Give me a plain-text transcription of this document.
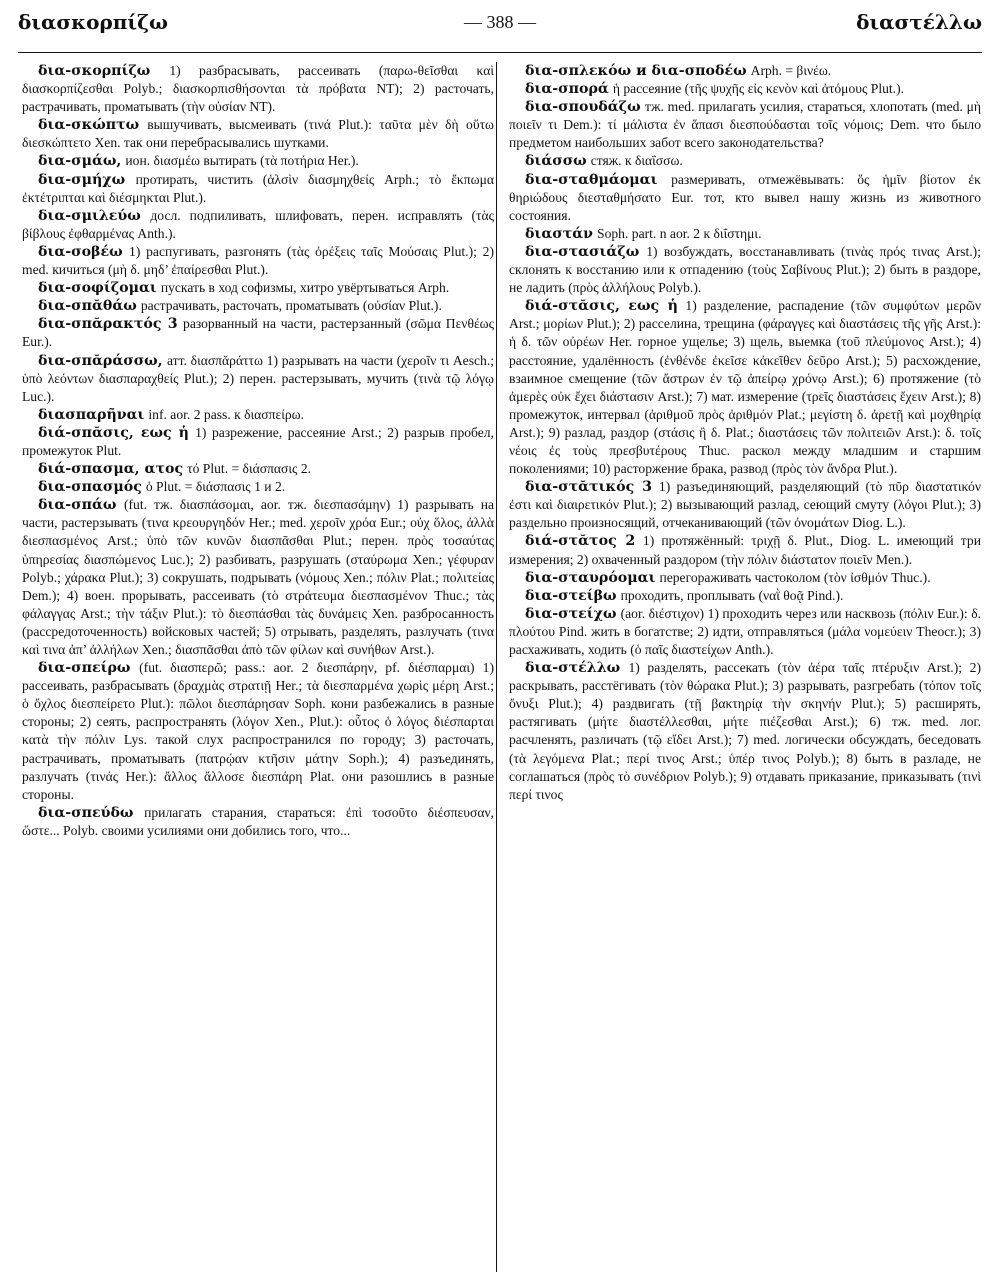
διασκορπίζω	— 388 —	διαστέλλω

δια-σκορπίζω 1) разбрасывать, рассеивать (παρω-θεῖσθαι καὶ διασκορπίζεσθαι Polyb.; διασκορπισθήσονται τὰ πρόβατα NT); 2) расточать, растрачивать, проматывать (τὴν οὐσίαν NT).

δια-σκώπτω вышучивать, высмеивать (τινά Plut.): ταῦτα μὲν δὴ οὕτω διεσκώπτετο Xen. так они перебрасывались шутками.

δια-σμάω, ион. διασμέω вытирать (τὰ ποτήρια Her.).

δια-σμήχω протирать, чистить (ἁλσὶν διασμηχθείς Arph.; τὸ ἔκπωμα ἐκτέτριπται καὶ διέσμηκται Plut.).

δια-σμιλεύω досл. подпиливать, шлифовать, перен. исправлять (τὰς βίβλους ἐφθαρμένας Anth.).

δια-σοβέω 1) распугивать, разгонять (τὰς ὀρέξεις ταῖς Μούσαις Plut.); 2) med. кичиться (μὴ δ. μηδ’ ἐπαίρεσθαι Plut.).

δια-σοφίζομαι пускать в ход софизмы, хитро увёртываться Arph.

δια-σπᾰθάω растрачивать, расточать, проматывать (οὐσίαν Plut.).

δια-σπᾰρακτός 3 разорванный на части, растерзанный (σῶμα Πενθέως Eur.).

δια-σπᾰράσσω, атт. διασπᾰράττω 1) разрывать на части (χεροῖν τι Aesch.; ὑπὸ λεόντων διασπαραχθείς Plut.); 2) перен. растерзывать, мучить (τινὰ τῷ λόγῳ Luc.).

διασπαρῆναι inf. aor. 2 pass. к διασπείρω.

διά-σπᾰσις, εως ἡ 1) разрежение, рассеяние Arst.; 2) разрыв пробел, промежуток Plut.

διά-σπασμα, ατος τό Plut. = διάσπασις 2.

δια-σπασμός ὁ Plut. = διάσπασις 1 и 2.

δια-σπάω (fut. тж. διασπάσομαι, aor. тж. διεσπασάμην) 1) разрывать на части, растерзывать (τινα κρεουργηδόν Her.; med. χεροῖν χρόα Eur.; οὐχ ὅλος, ἀλλὰ διεσπασμένος Arst.; ὑπὸ τῶν κυνῶν διασπᾶσθαι Plut.; перен. πρὸς τοσαύτας ὑπηρεσίας διασπώμενος Luc.); 2) разбивать, разрушать (σταύρωμα Xen.; γέφυραν Polyb.; χάρακα Plut.); 3) сокрушать, подрывать (νόμους Xen.; πόλιν Plat.; πολιτείας Dem.); 4) воен. прорывать, рассеивать (τὸ στράτευμα διεσπασμένον Thuc.; τὰς φάλαγγας Arst.; τὴν τάξιν Plut.): τὸ διεσπάσθαι τὰς δυνάμεις Xen. разбросанность (рассредоточенность) войсковых частей; 5) отрывать, разделять, разлучать (τινα καὶ τινα ἀπ’ ἀλλήλων Xen.; διασπᾶσθαι ἀπὸ τῶν φίλων καὶ συνήθων Arst.).

δια-σπείρω (fut. διασπερῶ; pass.: aor. 2 διεσπάρην, pf. διέσπαρμαι) 1) рассеивать, разбрасывать (δραχμὰς στρατιῇ Her.; τὰ διεσπαρμένα χωρὶς μέρη Arst.; ὁ ὄχλος διεσπείρετο Plut.): πῶλοι διεσπάρησαν Soph. кони разбежались в разные стороны; 2) сеять, распространять (λόγον Xen., Plut.): οὗτος ὁ λόγος διέσπαρται κατὰ τὴν πόλιν Lys. такой слух распространился по городу; 3) расточать, растрачивать, проматывать (πατρῴαν κτῆσιν μάτην Soph.); 4) разъединять, разлучать (τινάς Her.): ἄλλος ἄλλοσε διεσπάρη Plat. они разошлись в разные стороны.

δια-σπεύδω прилагать старания, стараться: ἐπὶ τοσοῦτο διέσπευσαν, ὥστε... Polyb. своими усилиями они добились того, что...

δια-σπλεκόω и δια-σποδέω Arph. = βινέω.

δια-σπορά ἡ рассеяние (τῆς ψυχῆς εἰς κενὸν καὶ ἀτόμους Plut.).

δια-σπουδάζω тж. med. прилагать усилия, стараться, хлопотать (med. μὴ ποιεῖν τι Dem.): τί μάλιστα ἐν ἅπασι διεσπούδασται τοῖς νόμοις; Dem. что было предметом наибольших забот всего законодательства?

διάσσω стяж. к διαΐσσω.

δια-σταθμάομαι размеривать, отмежёвывать: ὅς ἡμῖν βίοτον ἐκ θηριώδους διεσταθμήσατο Eur. тот, кто вывел нашу жизнь из животного состояния.

διαστάν Soph. part. n aor. 2 к διΐστημι.

δια-στασιάζω 1) возбуждать, восстанавливать (τινὰς πρός τινας Arst.); склонять к восстанию или к отпадению (τοὺς Σαβίνους Plut.); 2) быть в раздоре, не ладить (πρὸς ἀλλήλους Polyb.).

διά-στᾰσις, εως ἡ 1) разделение, распадение (τῶν συμφύτων μερῶν Arst.; μορίων Plut.); 2) расселина, трещина (φάραγγες καὶ διαστάσεις τῆς γῆς Arst.): ἡ δ. τῶν οὐρέων Her. горное ущелье; 3) щель, выемка (τοῦ πλεύμονος Arst.); 4) расстояние, удалённость (ἐνθένδε ἐκεῖσε κἀκεῖθεν δεῦρο Arst.); 5) расхождение, взаимное смещение (τῶν ἄστρων ἐν τῷ ἀπείρῳ χρόνῳ Arst.); 6) протяжение (τὸ ἀμερὲς οὐκ ἔχει διάστασιν Arst.); 7) мат. измерение (τρεῖς διαστάσεις ἔχειν Arst.); 8) промежуток, интервал (ἀριθμοῦ πρὸς ἀριθμόν Plat.; μεγίστη δ. ἀρετῇ καὶ μοχθηρίᾳ Arst.); 9) разлад, раздор (στάσις ἢ δ. Plat.; διαστάσεις τῶν πολιτειῶν Arst.): δ. τοῖς νέοις ἐς τοὺς πρεσβυτέρους Thuc. раскол между младшим и старшим поколениями; 10) расторжение брака, развод (πρὸς τὸν ἄνδρα Plut.).

δια-στᾰτικός 3 1) разъединяющий, разделяющий (τὸ πῦρ διαστατικόν ἐστι καὶ διαιρετικόν Plut.); 2) вызывающий разлад, сеющий смуту (λόγοι Plut.); 3) раздельно произносящий, отчеканивающий (τῶν ὀνομάτων Diog. L.).

διά-στᾰτος 2 1) протяжённый: τριχῇ δ. Plut., Diog. L. имеющий три измерения; 2) охваченный раздором (τὴν πόλιν διάστατον ποιεῖν Men.).

δια-σταυρόομαι перегораживать частоколом (τὸν ἰσθμόν Thuc.).

δια-στείβω проходить, проплывать (ναῒ θοᾷ Pind.).

δια-στείχω (aor. διέστιχον) 1) проходить через или насквозь (πόλιν Eur.): δ. πλούτου Pind. жить в богатстве; 2) идти, отправляться (μάλα νομεύειν Theocr.); 3) расхаживать, ходить (ὁ παῖς διαστείχων Anth.).

δια-στέλλω 1) разделять, рассекать (τὸν ἀέρα ταῖς πτέρυξιν Arst.); 2) раскрывать, расстёгивать (τὸν θώρακα Plut.); 3) разрывать, разгребать (τόπον τοῖς ὄνυξι Plut.); 4) раздвигать (τῇ βακτηρίᾳ τὴν σκηνήν Plut.); 5) расширять, растягивать (μήτε διαστέλλεσθαι, μήτε πιέζεσθαι Arst.); 6) тж. med. лог. расчленять, различать (τῷ εἴδει Arst.); 7) med. логически обсуждать, беседовать (τὰ λεγόμενα Plat.; περί τινος Arst.; ὑπέρ τινος Polyb.); 8) быть в разладе, не соглашаться (πρὸς τὸ συνέδριον Polyb.); 9) отдавать приказание, приказывать (τινὶ περί τινος
